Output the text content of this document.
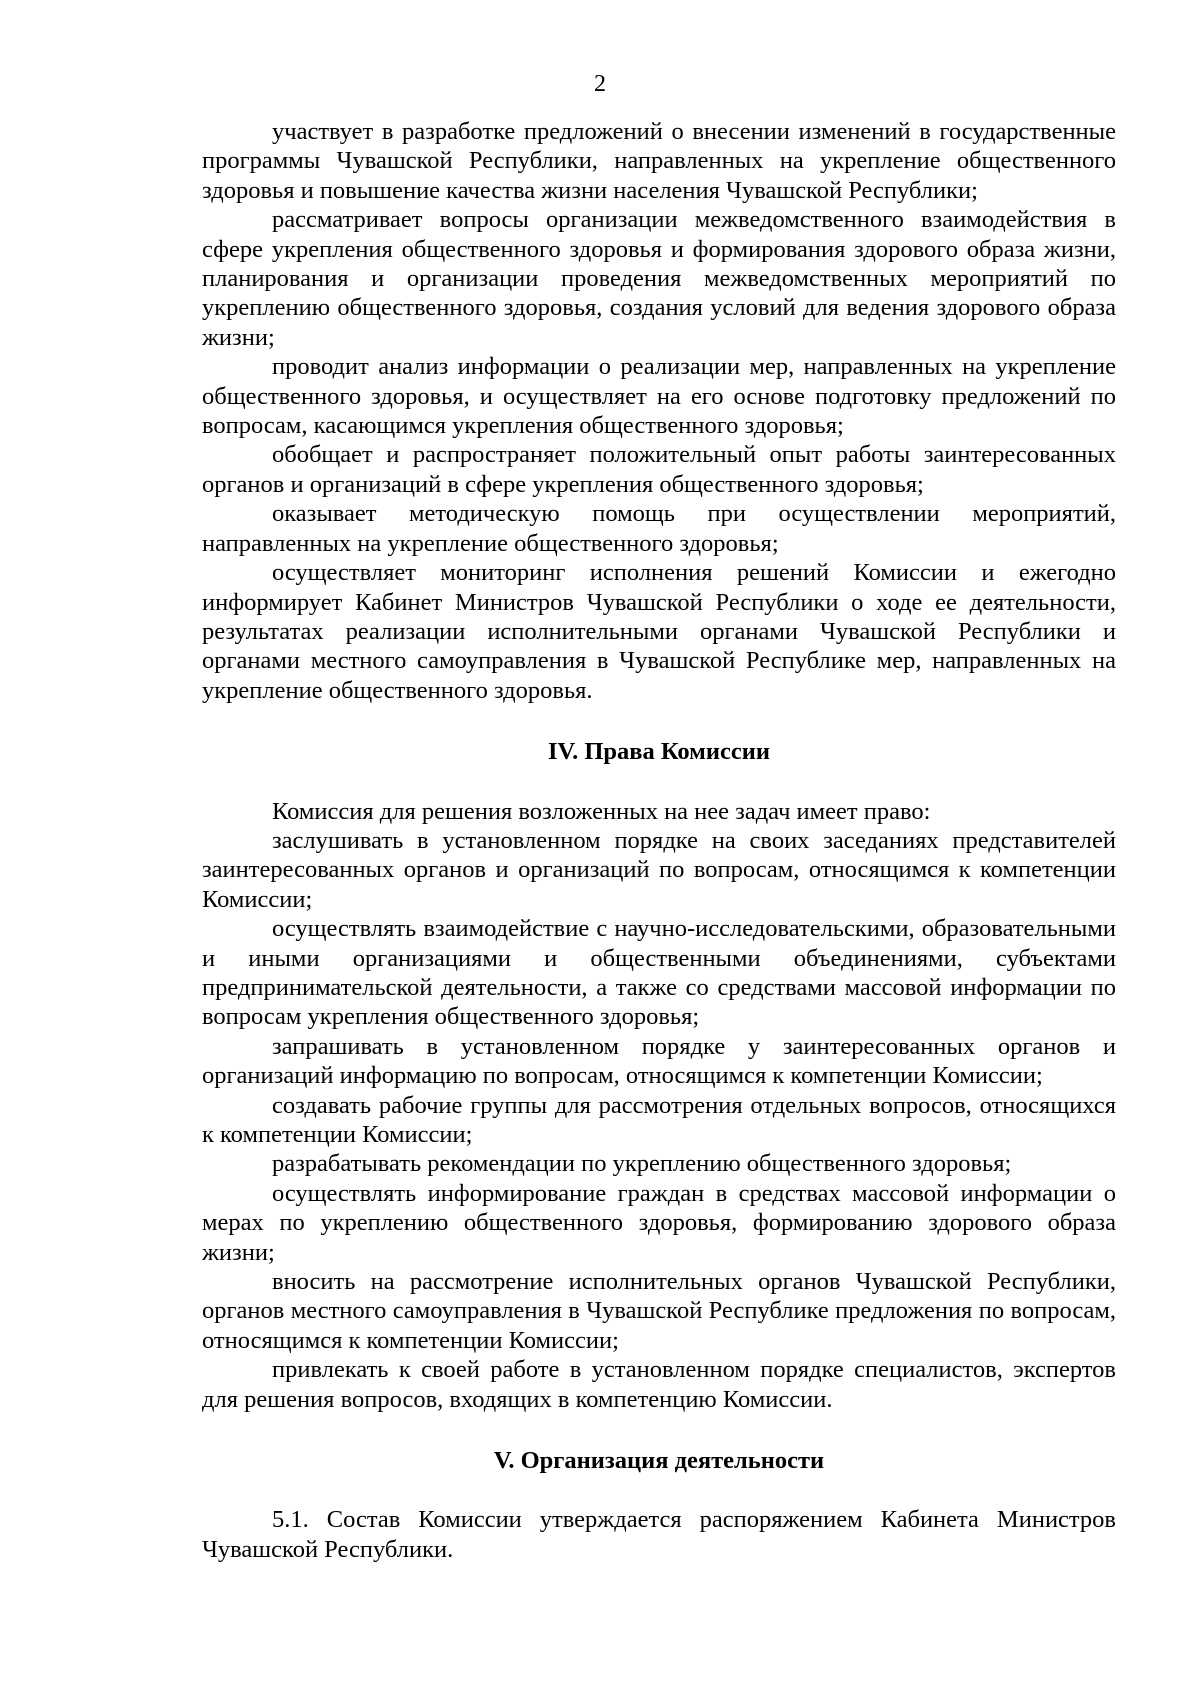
2

участвует в разработке предложений о внесении изменений в государственные программы Чувашской Республики, направленных на укрепление общественного здоровья и повышение качества жизни населения Чувашской Республики;

рассматривает вопросы организации межведомственного взаимодействия в сфере укрепления общественного здоровья и формирования здорового образа жизни, планирования и организации проведения межведомственных мероприятий по укреплению общественного здоровья, создания условий для ведения здорового образа жизни;

проводит анализ информации о реализации мер, направленных на укрепление общественного здоровья, и осуществляет на его основе подготовку предложений по вопросам, касающимся укрепления общественного здоровья;

обобщает и распространяет положительный опыт работы заинтересованных органов и организаций в сфере укрепления общественного здоровья;

оказывает методическую помощь при осуществлении мероприятий, направленных на укрепление общественного здоровья;

осуществляет мониторинг исполнения решений Комиссии и ежегодно информирует Кабинет Министров Чувашской Республики о ходе ее деятельности, результатах реализации исполнительными органами Чувашской Республики и органами местного самоуправления в Чувашской Республике мер, направленных на укрепление общественного здоровья.

IV. Права Комиссии

Комиссия для решения возложенных на нее задач имеет право:

заслушивать в установленном порядке на своих заседаниях представителей заинтересованных органов и организаций по вопросам, относящимся к компетенции Комиссии;

осуществлять взаимодействие с научно-исследовательскими, образовательными и иными организациями и общественными объединениями, субъектами предпринимательской деятельности, а также со средствами массовой информации по вопросам укрепления общественного здоровья;

запрашивать в установленном порядке у заинтересованных органов и организаций информацию по вопросам, относящимся к компетенции Комиссии;

создавать рабочие группы для рассмотрения отдельных вопросов, относящихся к компетенции Комиссии;

разрабатывать рекомендации по укреплению общественного здоровья;

осуществлять информирование граждан в средствах массовой информации о мерах по укреплению общественного здоровья, формированию здорового образа жизни;

вносить на рассмотрение исполнительных органов Чувашской Республики, органов местного самоуправления в Чувашской Республике предложения по вопросам, относящимся к компетенции Комиссии;

привлекать к своей работе в установленном порядке специалистов, экспертов для решения вопросов, входящих в компетенцию Комиссии.

V. Организация деятельности

5.1. Состав Комиссии утверждается распоряжением Кабинета Министров Чувашской Республики.
